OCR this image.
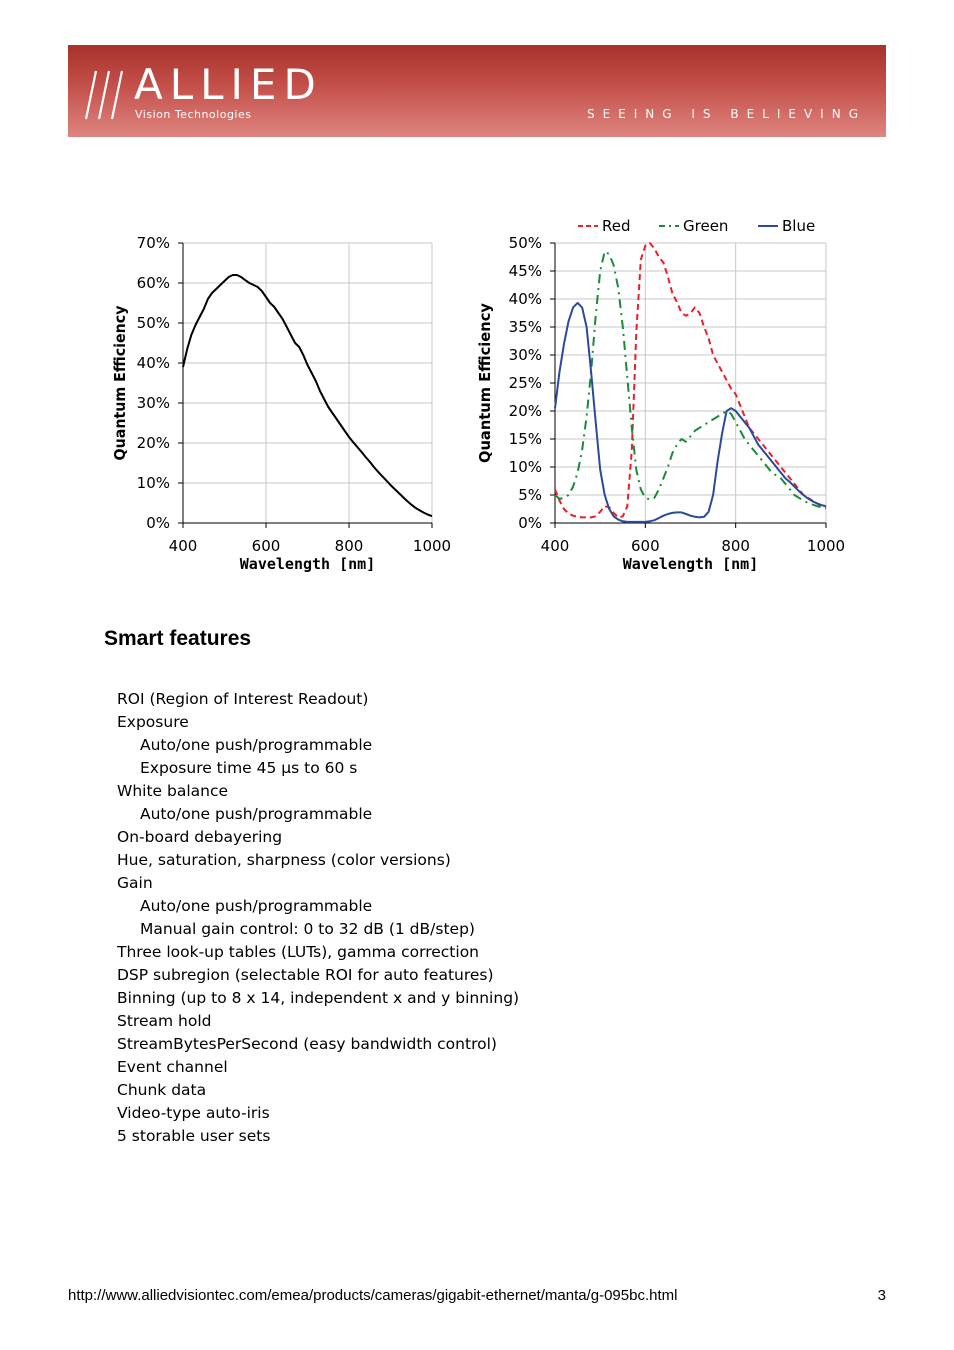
ALLIED
Vision Technologies	SEEING IS BELIEVING
0%
10%
20%
30%
40%
50%
60%
70%
400	600	800	1000
Wavelength [nm]
Quantum Efficiency
0%
5%
10%
15%
20%
25%
30%
35%
40%
45%
50%
400	600	800	1000
Wavelength [nm]
Quantum Efficiency
Red	Green	Blue
Smart features
ROI (Region of Interest Readout)
Exposure
Auto/one push/programmable
Exposure time 45 µs to 60 s
White balance
Auto/one push/programmable
On-board debayering
Hue, saturation, sharpness (color versions)
Gain
Auto/one push/programmable
Manual gain control: 0 to 32 dB (1 dB/step)
Three look-up tables (LUTs), gamma correction
DSP subregion (selectable ROI for auto features)
Binning (up to 8 x 14, independent x and y binning)
Stream hold
StreamBytesPerSecond (easy bandwidth control)
Event channel
Chunk data
Video-type auto-iris
5 storable user sets
http://www.alliedvisiontec.com/emea/products/cameras/gigabit-ethernet/manta/g-095bc.html	3
